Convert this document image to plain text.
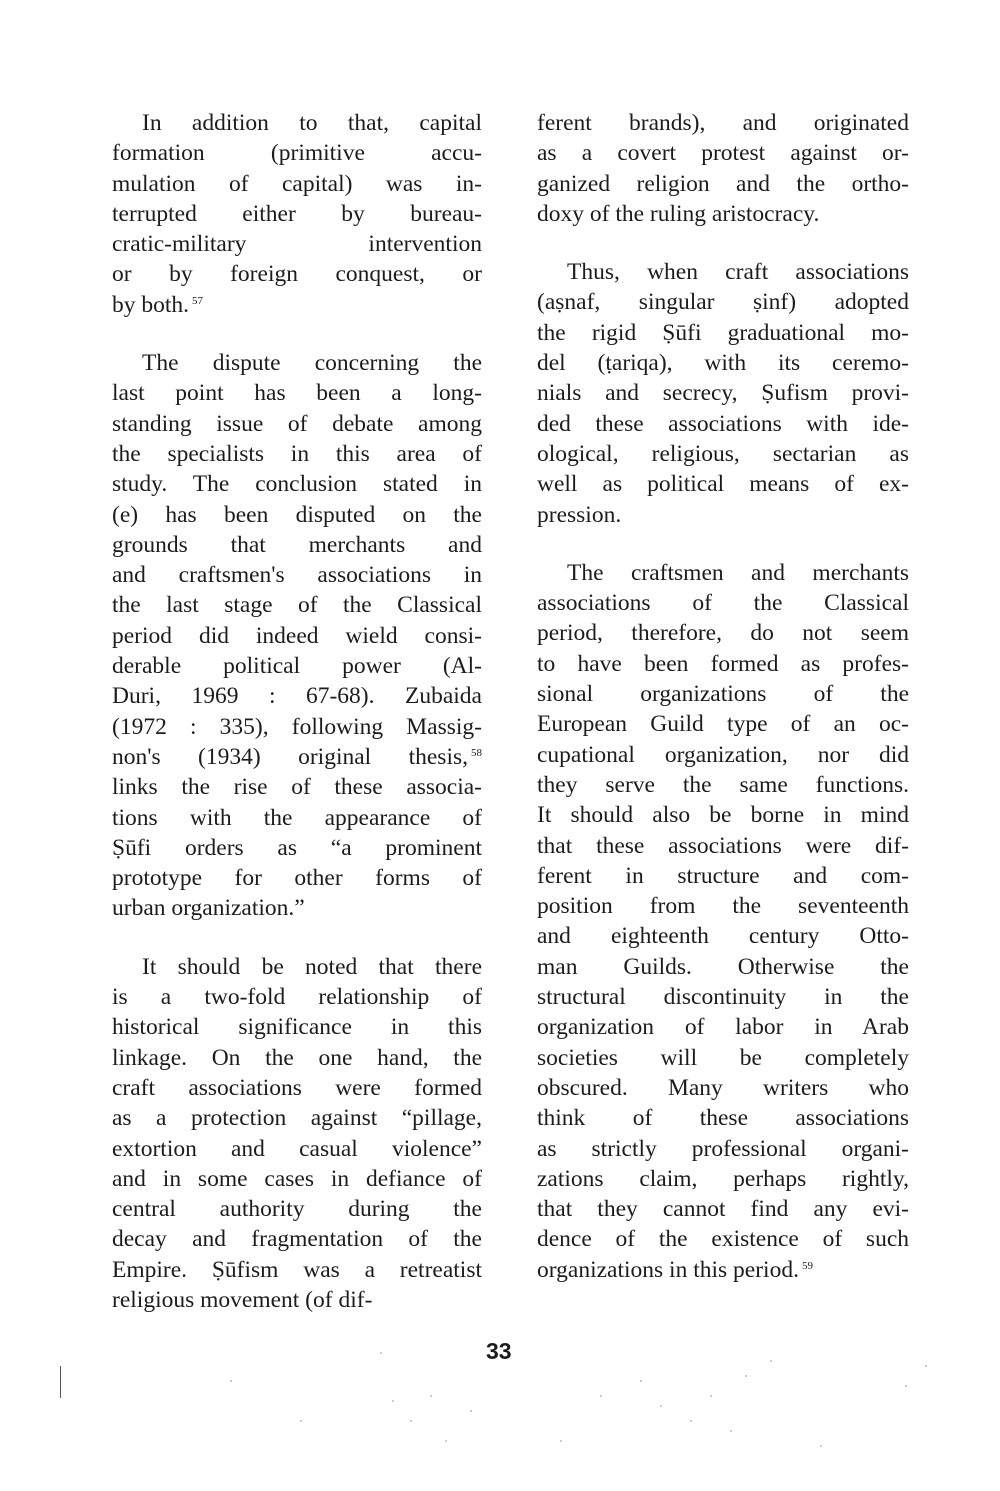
In addition to that, capital
formation (primitive accu-
mulation of capital) was in-
terrupted either by bureau-
cratic-military intervention
or by foreign conquest, or
by both. $^{57}$
The dispute concerning the
last point has been a long-
standing issue of debate among
the specialists in this area of
study. The conclusion stated in
(e) has been disputed on the
grounds that merchants and
and craftsmen's associations in
the last stage of the Classical
period did indeed wield consi-
derable political power (Al-
Duri, 1969 : 67-68). Zubaida
(1972 : 335), following Massig-
non's (1934) original thesis, $^{58}$
links the rise of these associa-
tions with the appearance of
Ṣūfi orders as “a prominent
prototype for other forms of
urban organization.”
It should be noted that there
is a two-fold relationship of
historical significance in this
linkage. On the one hand, the
craft associations were formed
as a protection against “pillage,
extortion and casual violence”
and in some cases in defiance of
central authority during the
decay and fragmentation of the
Empire. Ṣūfism was a retreatist
religious movement (of dif-
ferent brands), and originated
as a covert protest against or-
ganized religion and the ortho-
doxy of the ruling aristocracy.
Thus, when craft associations
(aṣnaf, singular ṣinf) adopted
the rigid Ṣūfi graduational mo-
del (ṭariqa), with its ceremo-
nials and secrecy, Ṣufism provi-
ded these associations with ide-
ological, religious, sectarian as
well as political means of ex-
pression.
The craftsmen and merchants
associations of the Classical
period, therefore, do not seem
to have been formed as profes-
sional organizations of the
European Guild type of an oc-
cupational organization, nor did
they serve the same functions.
It should also be borne in mind
that these associations were dif-
ferent in structure and com-
position from the seventeenth
and eighteenth century Otto-
man Guilds. Otherwise the
structural discontinuity in the
organization of labor in Arab
societies will be completely
obscured. Many writers who
think of these associations
as strictly professional organi-
zations claim, perhaps rightly,
that they cannot find any evi-
dence of the existence of such
organizations in this period. $^{59}$
33
